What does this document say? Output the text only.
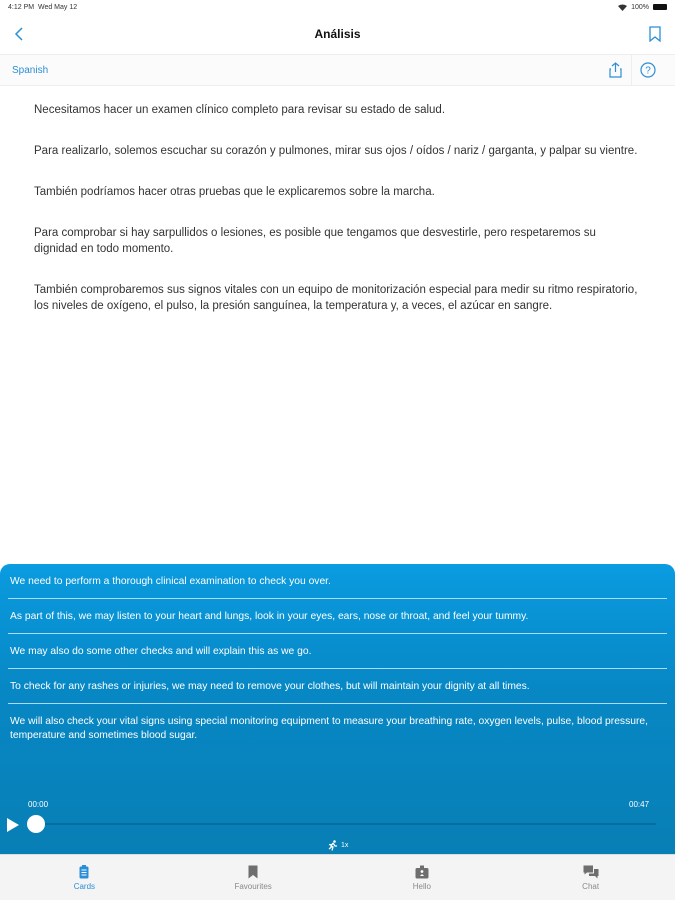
4:12 PM Wed May 12	100%
Análisis
Spanish	?

Necesitamos hacer un examen clínico completo para revisar su estado de salud.

Para realizarlo, solemos escuchar su corazón y pulmones, mirar sus ojos / oídos / nariz / garganta, y palpar su vientre.

También podríamos hacer otras pruebas que le explicaremos sobre la marcha.

Para comprobar si hay sarpullidos o lesiones, es posible que tengamos que desvestirle, pero respetaremos su dignidad en todo momento.

También comprobaremos sus signos vitales con un equipo de monitorización especial para medir su ritmo respiratorio, los niveles de oxígeno, el pulso, la presión sanguínea, la temperatura y, a veces, el azúcar en sangre.

We need to perform a thorough clinical examination to check you over.
As part of this, we may listen to your heart and lungs, look in your eyes, ears, nose or throat, and feel your tummy.
We may also do some other checks and will explain this as we go.
To check for any rashes or injuries, we may need to remove your clothes, but will maintain your dignity at all times.
We will also check your vital signs using special monitoring equipment to measure your breathing rate, oxygen levels, pulse, blood pressure, temperature and sometimes blood sugar.
00:00	00:47
1x
Cards	Favourites	Hello	Chat
